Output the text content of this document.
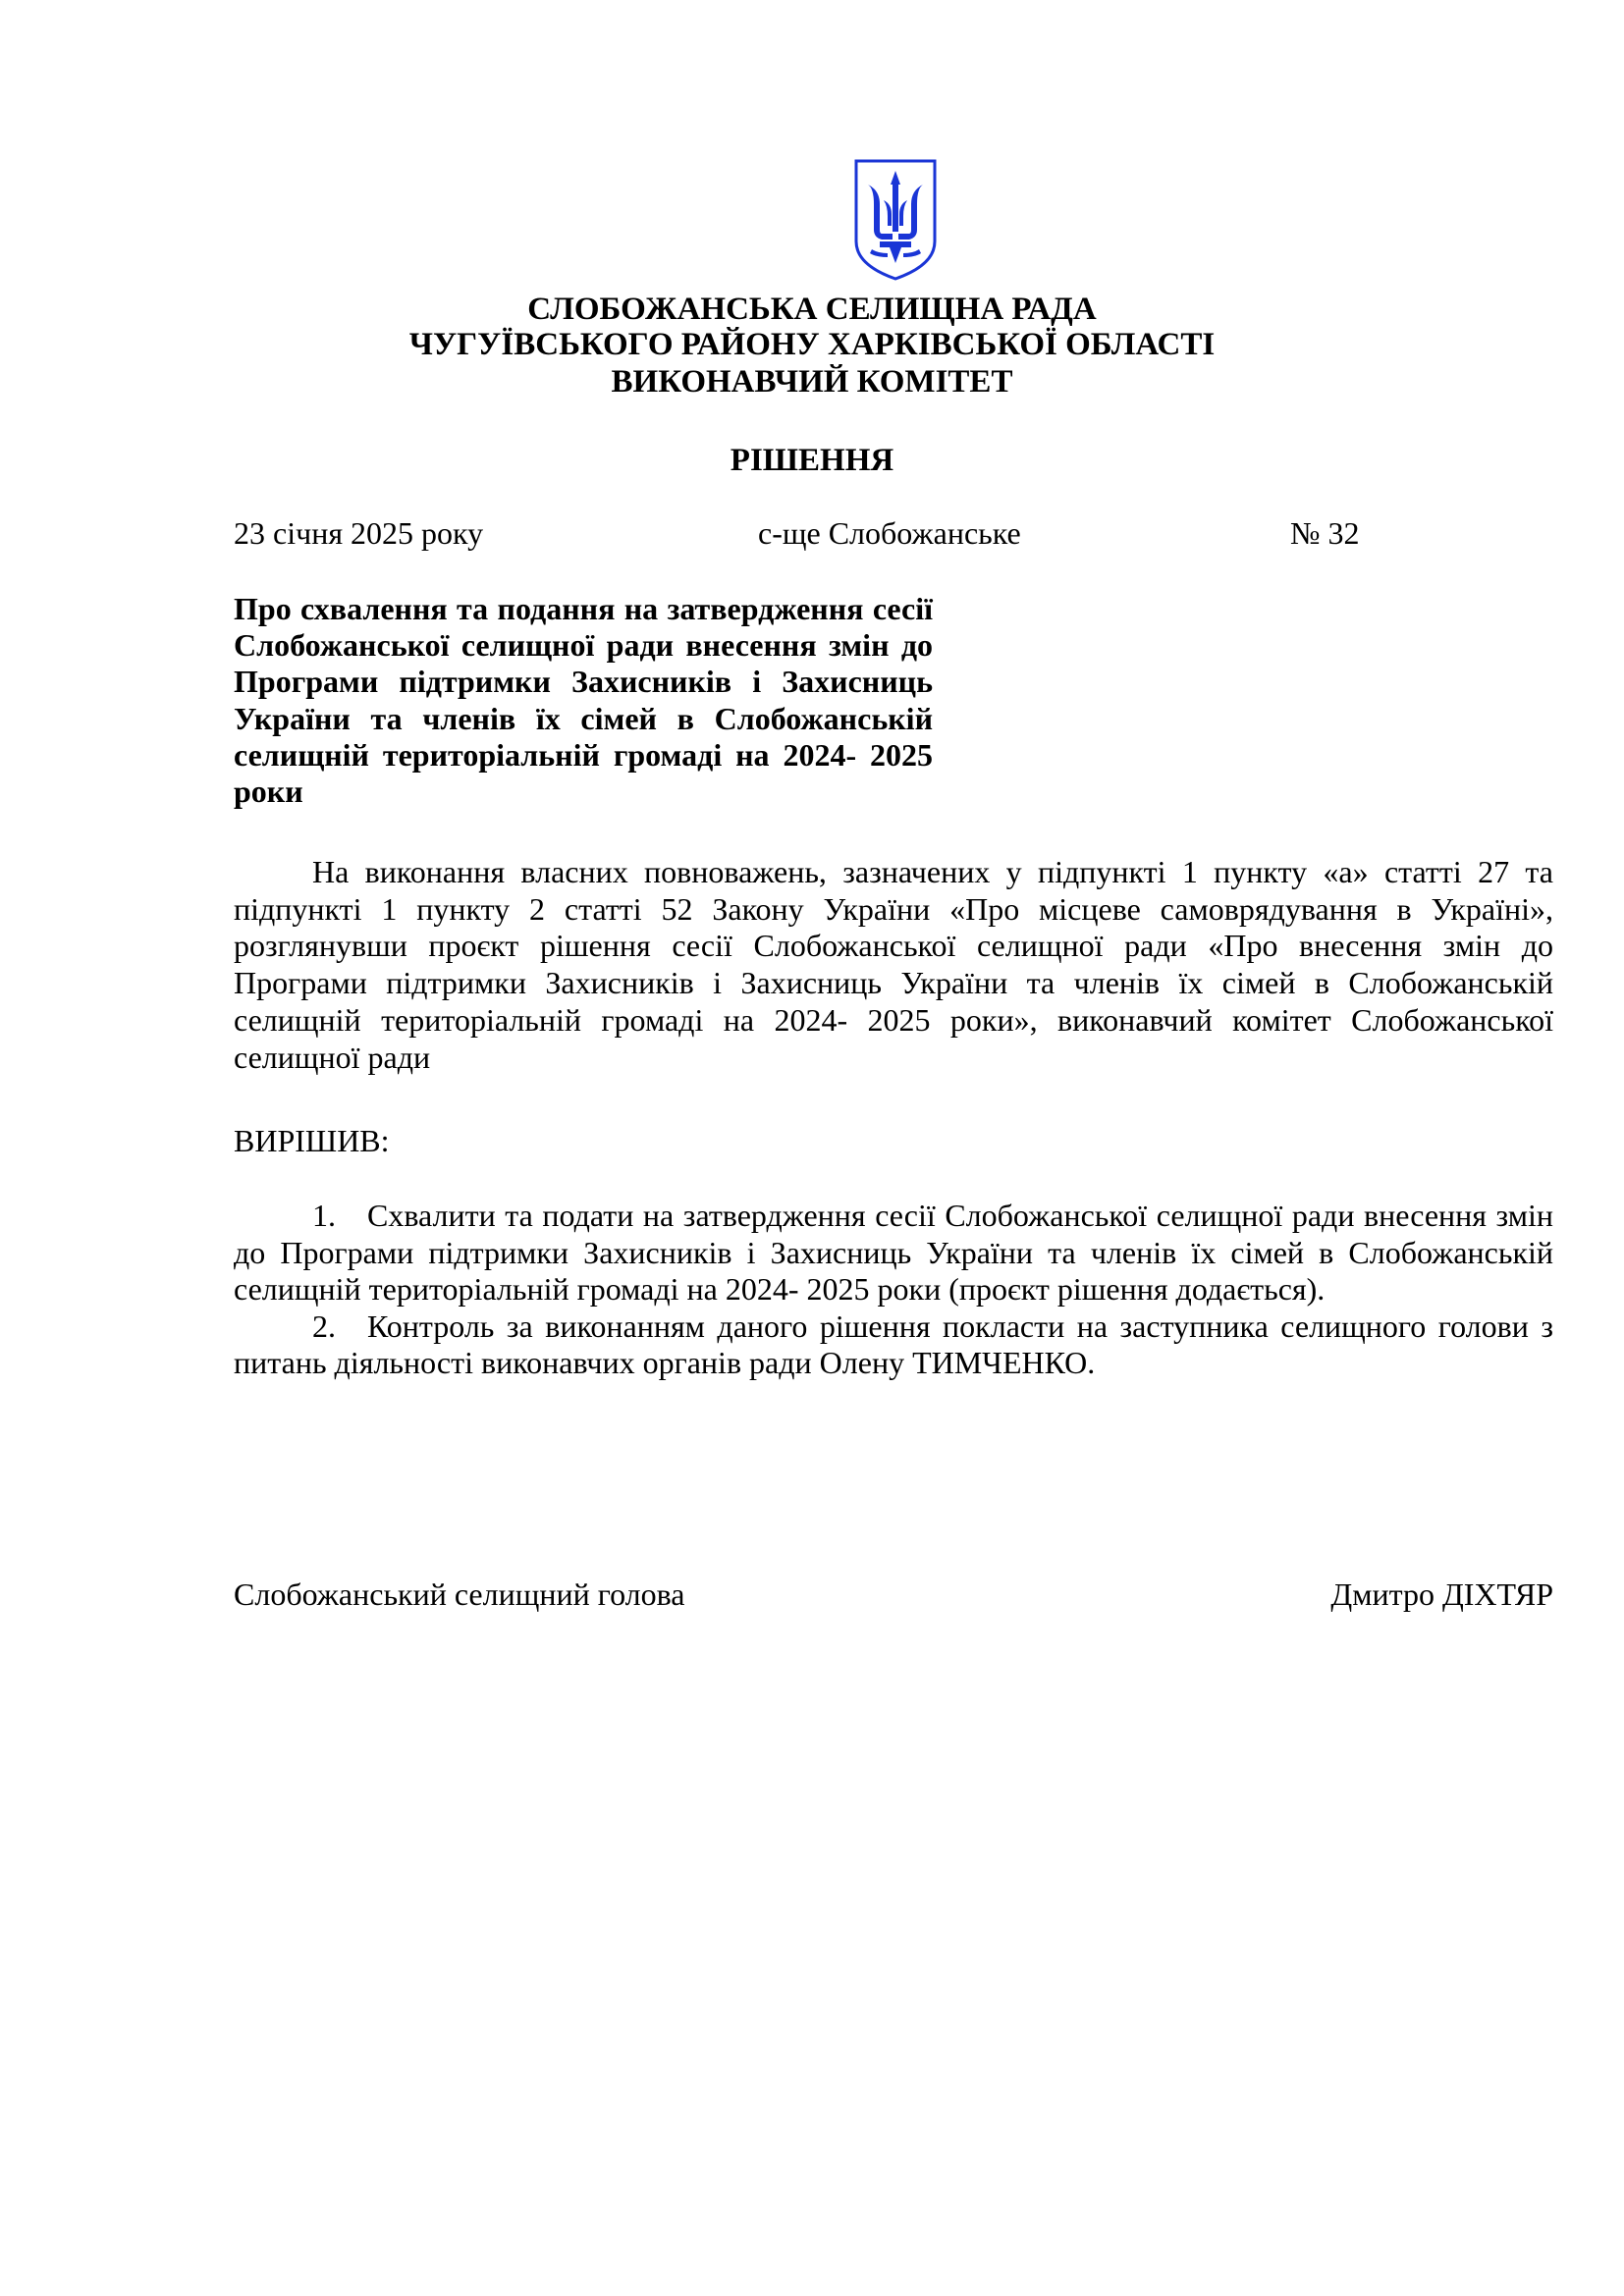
СЛОБОЖАНСЬКА СЕЛИЩНА РАДА
ЧУГУЇВСЬКОГО РАЙОНУ ХАРКІВСЬКОЇ ОБЛАСТІ
ВИКОНАВЧИЙ КОМІТЕТ
РІШЕННЯ
23 січня 2025 року	с-ще Слобожанське	№ 32
Про схвалення та подання на затвердження сесії Слобожанської селищної ради внесення змін до Програми підтримки Захисників і Захисниць України та членів їх сімей в Слобожанській селищній територіальній громаді на 2024- 2025 роки

На виконання власних повноважень, зазначених у підпункті 1 пункту «а» статті 27 та підпункті 1 пункту 2 статті 52 Закону України «Про місцеве самоврядування в Україні», розглянувши проєкт рішення сесії Слобожанської селищної ради «Про внесення змін до Програми підтримки Захисників і Захисниць України та членів їх сімей в Слобожанській селищній територіальній громаді на 2024- 2025 роки», виконавчий комітет Слобожанської селищної ради

ВИРІШИВ:

1. Схвалити та подати на затвердження сесії Слобожанської селищної ради внесення змін до Програми підтримки Захисників і Захисниць України та членів їх сімей в Слобожанській селищній територіальній громаді на 2024- 2025 роки (проєкт рішення додається).

2. Контроль за виконанням даного рішення покласти на заступника селищного голови з питань діяльності виконавчих органів ради Олену ТИМЧЕНКО.

Слобожанський селищний голова	Дмитро ДІХТЯР
